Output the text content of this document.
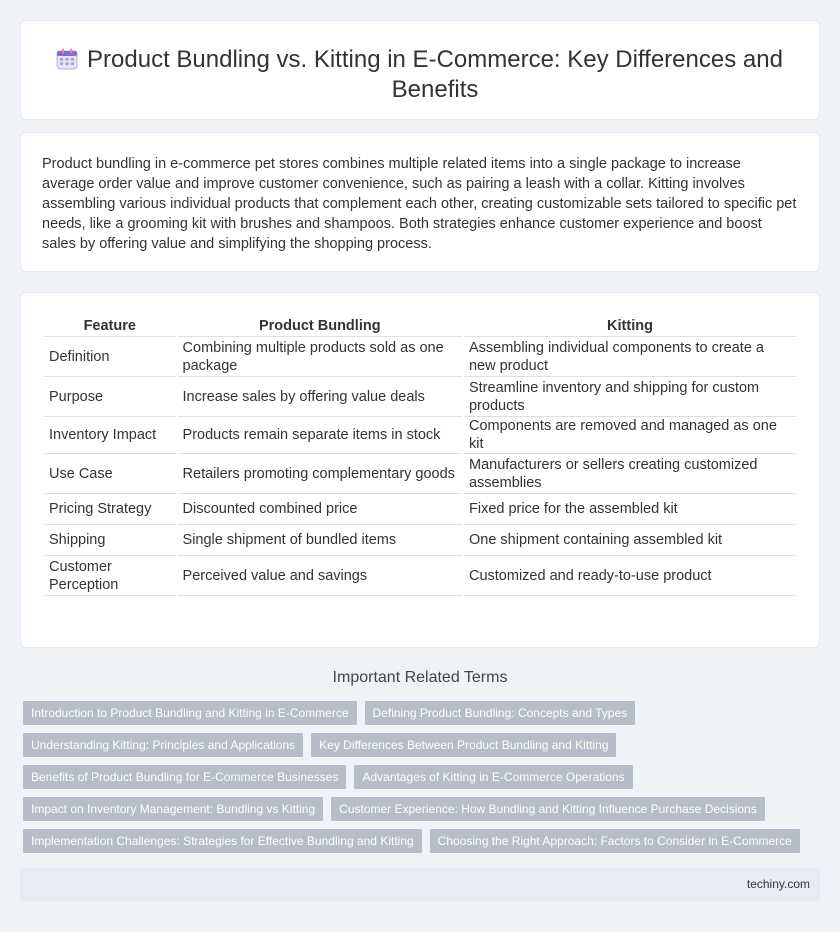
Product Bundling vs. Kitting in E-Commerce: Key Differences and Benefits

Product bundling in e-commerce pet stores combines multiple related items into a single package to increase average order value and improve customer convenience, such as pairing a leash with a collar. Kitting involves assembling various individual products that complement each other, creating customizable sets tailored to specific pet needs, like a grooming kit with brushes and shampoos. Both strategies enhance customer experience and boost sales by offering value and simplifying the shopping process.

Feature	Product Bundling	Kitting
Definition	Combining multiple products sold as one package	Assembling individual components to create a new product
Purpose	Increase sales by offering value deals	Streamline inventory and shipping for custom products
Inventory Impact	Products remain separate items in stock	Components are removed and managed as one kit
Use Case	Retailers promoting complementary goods	Manufacturers or sellers creating customized assemblies
Pricing Strategy	Discounted combined price	Fixed price for the assembled kit
Shipping	Single shipment of bundled items	One shipment containing assembled kit
Customer Perception	Perceived value and savings	Customized and ready-to-use product
Important Related Terms
Introduction to Product Bundling and Kitting in E-Commerce	Defining Product Bundling: Concepts and Types
Understanding Kitting: Principles and Applications	Key Differences Between Product Bundling and Kitting
Benefits of Product Bundling for E-Commerce Businesses	Advantages of Kitting in E-Commerce Operations
Impact on Inventory Management: Bundling vs Kitting	Customer Experience: How Bundling and Kitting Influence Purchase Decisions
Implementation Challenges: Strategies for Effective Bundling and Kitting	Choosing the Right Approach: Factors to Consider in E-Commerce
techiny.com
